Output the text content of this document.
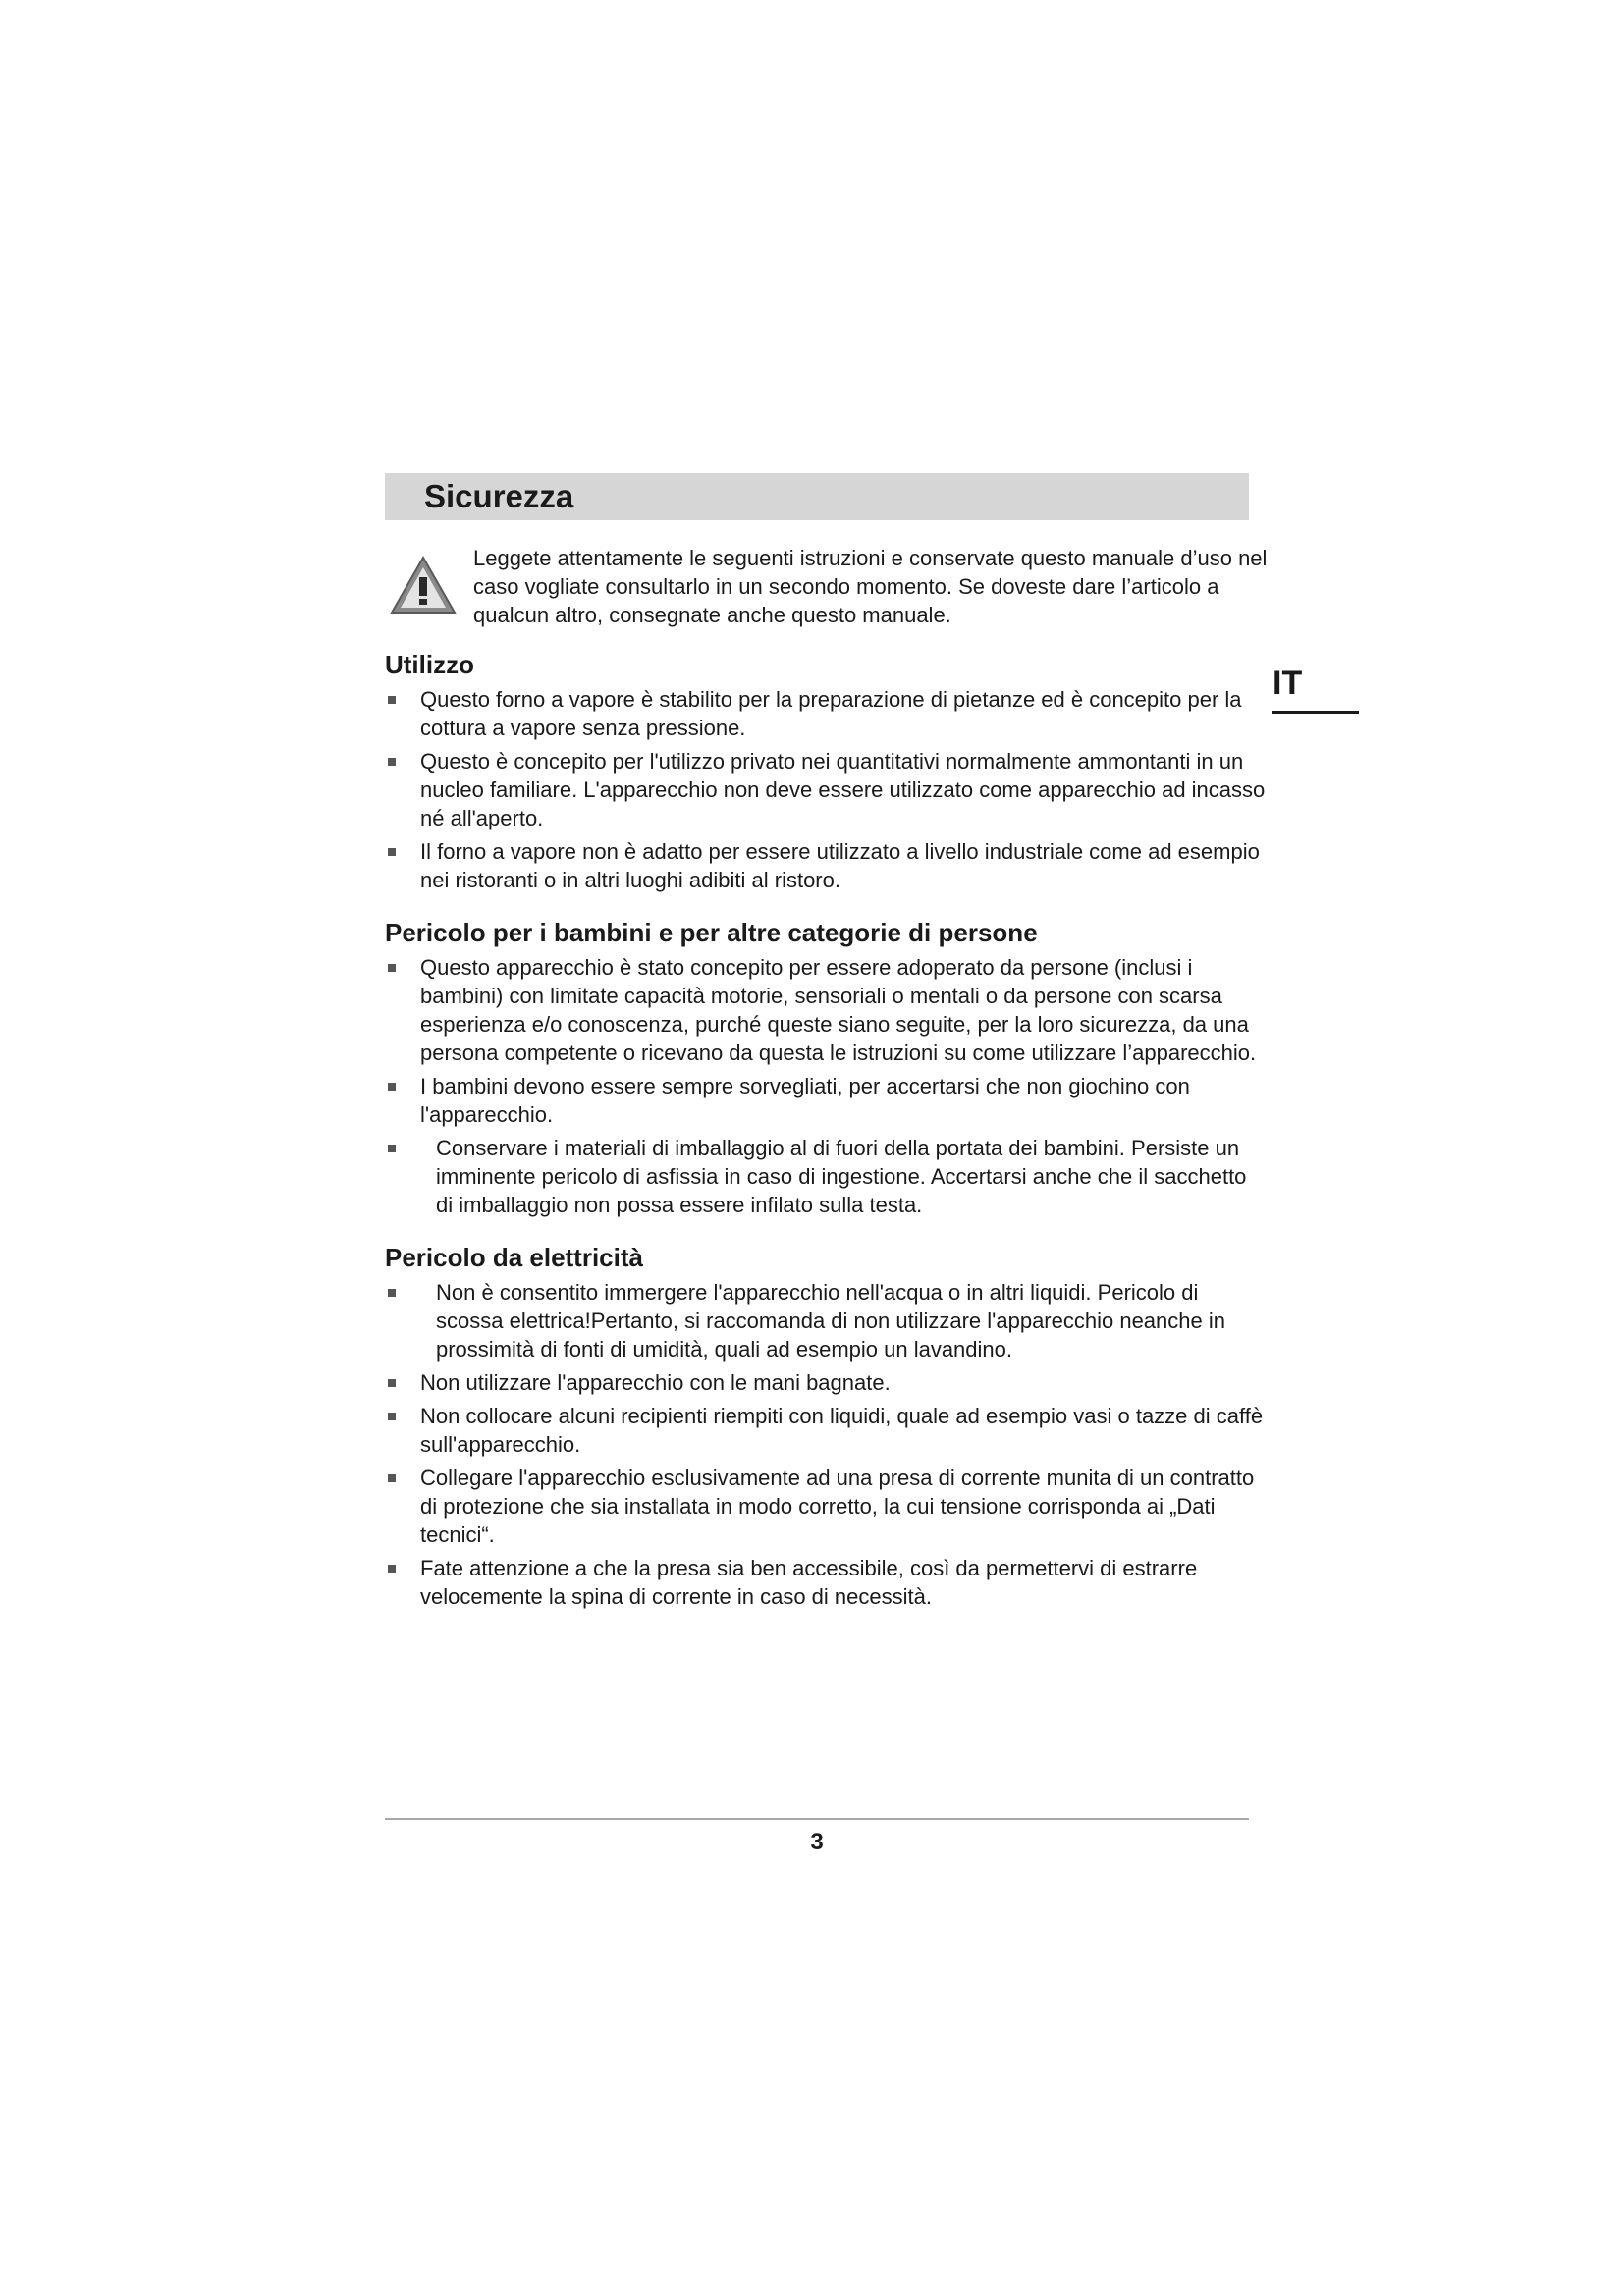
Sicurezza

Leggete attentamente le seguenti istruzioni e conservate questo manuale d’uso nel caso vogliate consultarlo in un secondo momento. Se doveste dare l’articolo a qualcun altro, consegnate anche questo manuale.

IT
Utilizzo
Questo forno a vapore è stabilito per la preparazione di pietanze ed è concepito per la cottura a vapore senza pressione.
Questo è concepito per l'utilizzo privato nei quantitativi normalmente ammontanti in un nucleo familiare. L'apparecchio non deve essere utilizzato come apparecchio ad incasso né all'aperto.
Il forno a vapore non è adatto per essere utilizzato a livello industriale come ad esempio nei ristoranti o in altri luoghi adibiti al ristoro.
Pericolo per i bambini e per altre categorie di persone
Questo apparecchio è stato concepito per essere adoperato da persone (inclusi i bambini) con limitate capacità motorie, sensoriali o mentali o da persone con scarsa esperienza e/o conoscenza, purché queste siano seguite, per la loro sicurezza, da una persona competente o ricevano da questa le istruzioni su come utilizzare l’apparecchio.
I bambini devono essere sempre sorvegliati, per accertarsi che non giochino con l'apparecchio.
Conservare i materiali di imballaggio al di fuori della portata dei bambini. Persiste un imminente pericolo di asfissia in caso di ingestione. Accertarsi anche che il sacchetto di imballaggio non possa essere infilato sulla testa.
Pericolo da elettricità
Non è consentito immergere l'apparecchio nell'acqua o in altri liquidi. Pericolo di scossa elettrica!Pertanto, si raccomanda di non utilizzare l'apparecchio neanche in prossimità di fonti di umidità, quali ad esempio un lavandino.
Non utilizzare l'apparecchio con le mani bagnate.
Non collocare alcuni recipienti riempiti con liquidi, quale ad esempio vasi o tazze di caffè sull'apparecchio.
Collegare l'apparecchio esclusivamente ad una presa di corrente munita di un contratto di protezione che sia installata in modo corretto, la cui tensione corrisponda ai „Dati tecnici“.
Fate attenzione a che la presa sia ben accessibile, così da permettervi di estrarre velocemente la spina di corrente in caso di necessità.
3
